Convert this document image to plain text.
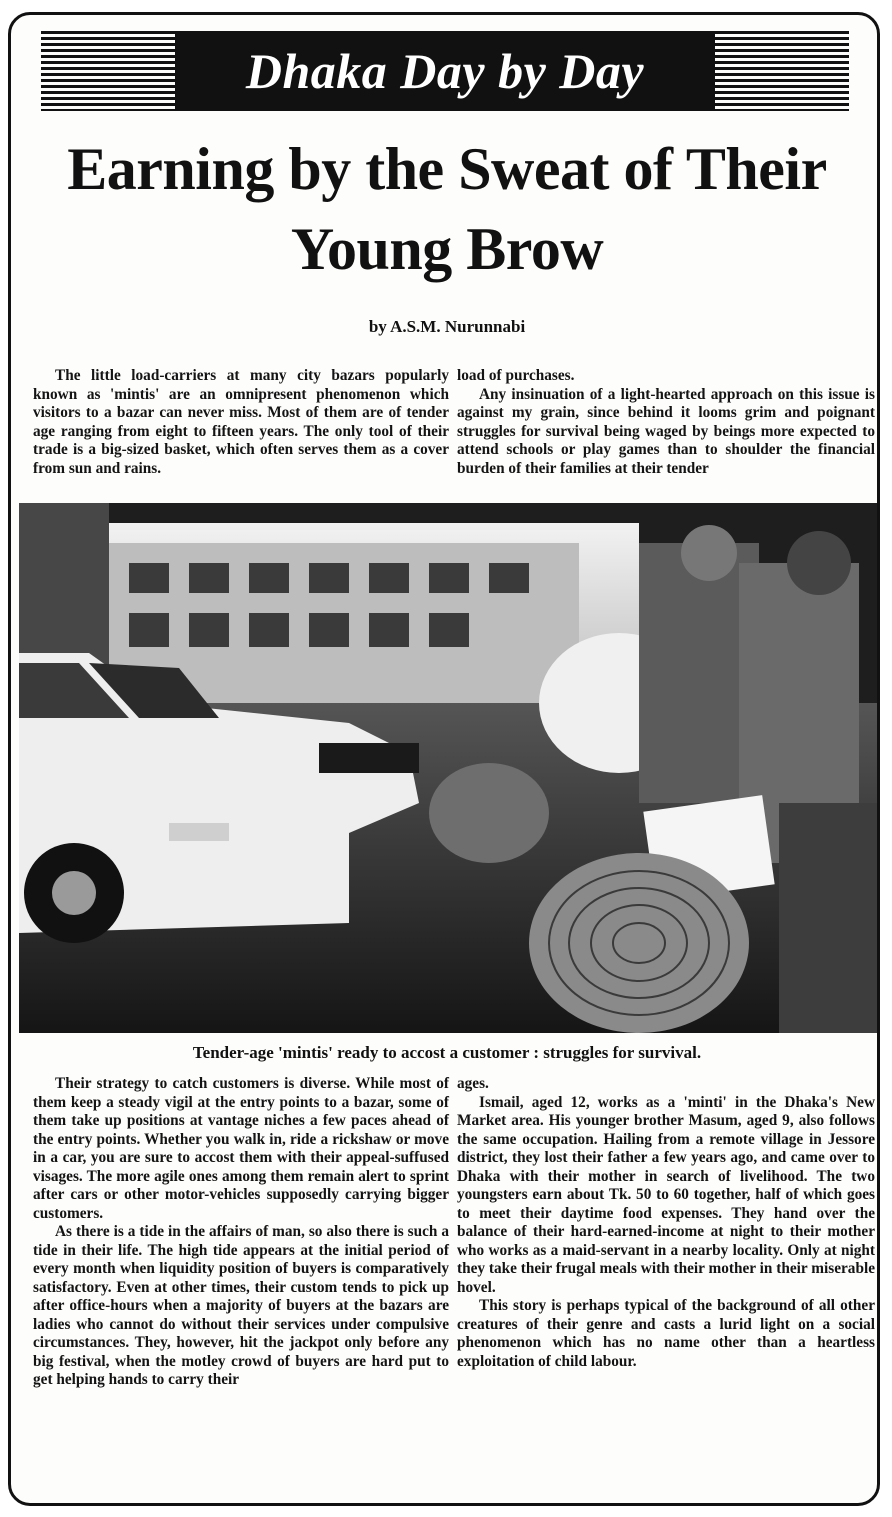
Dhaka Day by Day
Earning by the Sweat of Their Young Brow
by A.S.M. Nurunnabi

The little load-carriers at many city bazars popularly known as 'mintis' are an omnipresent phenomenon which visitors to a bazar can never miss. Most of them are of tender age ranging from eight to fifteen years. The only tool of their trade is a big-sized basket, which often serves them as a cover from sun and rains.

load of purchases.

Any insinuation of a light-hearted approach on this issue is against my grain, since behind it looms grim and poignant struggles for survival being waged by beings more expected to attend schools or play games than to shoulder the financial burden of their families at their tender

Tender-age 'mintis' ready to accost a customer : struggles for survival.

Their strategy to catch customers is diverse. While most of them keep a steady vigil at the entry points to a bazar, some of them take up positions at vantage niches a few paces ahead of the entry points. Whether you walk in, ride a rickshaw or move in a car, you are sure to accost them with their appeal-suffused visages. The more agile ones among them remain alert to sprint after cars or other motor-vehicles supposedly carrying bigger customers.

As there is a tide in the affairs of man, so also there is such a tide in their life. The high tide appears at the initial period of every month when liquidity position of buyers is comparatively satisfactory. Even at other times, their custom tends to pick up after office-hours when a majority of buyers at the bazars are ladies who cannot do without their services under compulsive circumstances. They, however, hit the jackpot only before any big festival, when the motley crowd of buyers are hard put to get helping hands to carry their

ages.

Ismail, aged 12, works as a 'minti' in the Dhaka's New Market area. His younger brother Masum, aged 9, also follows the same occupation. Hailing from a remote village in Jessore district, they lost their father a few years ago, and came over to Dhaka with their mother in search of livelihood. The two youngsters earn about Tk. 50 to 60 together, half of which goes to meet their daytime food expenses. They hand over the balance of their hard-earned-income at night to their mother who works as a maid-servant in a nearby locality. Only at night they take their frugal meals with their mother in their miserable hovel.

This story is perhaps typical of the background of all other creatures of their genre and casts a lurid light on a social phenomenon which has no name other than a heartless exploitation of child labour.
